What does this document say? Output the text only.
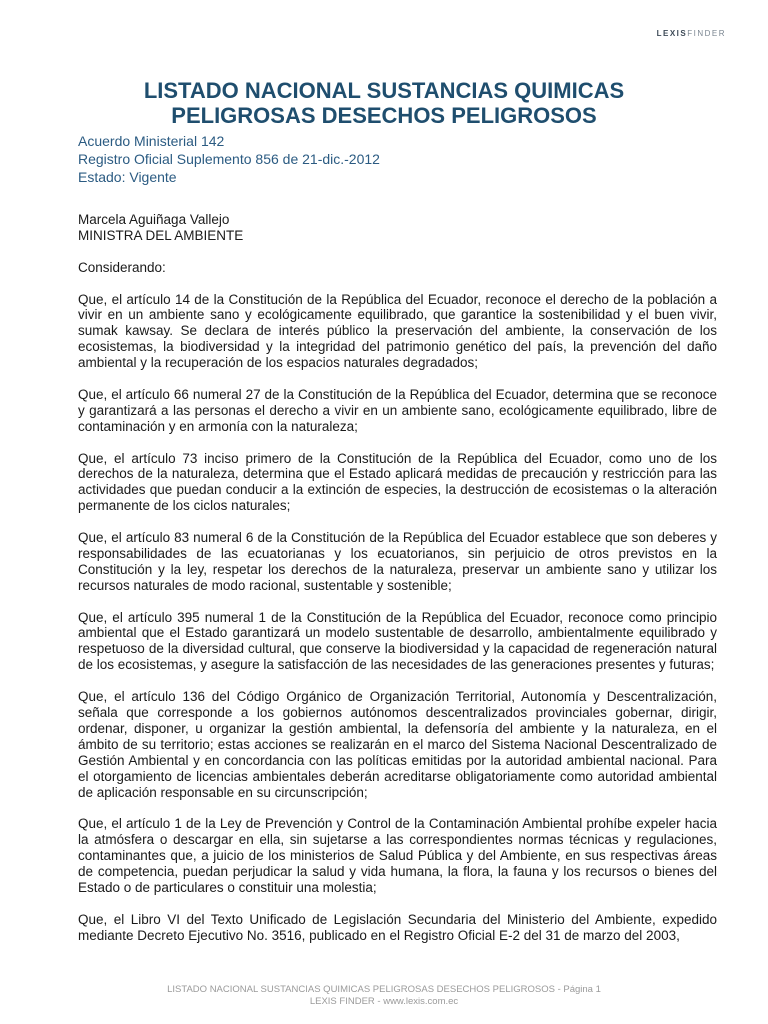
LEXISFINDER
LISTADO NACIONAL SUSTANCIAS QUIMICAS
PELIGROSAS DESECHOS PELIGROSOS
Acuerdo Ministerial 142
Registro Oficial Suplemento 856 de 21-dic.-2012
Estado: Vigente

Marcela Aguiñaga Vallejo
MINISTRA DEL AMBIENTE

Considerando:

Que, el artículo 14 de la Constitución de la República del Ecuador, reconoce el derecho de la población a vivir en un ambiente sano y ecológicamente equilibrado, que garantice la sostenibilidad y el buen vivir, sumak kawsay. Se declara de interés público la preservación del ambiente, la conservación de los ecosistemas, la biodiversidad y la integridad del patrimonio genético del país, la prevención del daño ambiental y la recuperación de los espacios naturales degradados;

Que, el artículo 66 numeral 27 de la Constitución de la República del Ecuador, determina que se reconoce y garantizará a las personas el derecho a vivir en un ambiente sano, ecológicamente equilibrado, libre de contaminación y en armonía con la naturaleza;

Que, el artículo 73 inciso primero de la Constitución de la República del Ecuador, como uno de los derechos de la naturaleza, determina que el Estado aplicará medidas de precaución y restricción para las actividades que puedan conducir a la extinción de especies, la destrucción de ecosistemas o la alteración permanente de los ciclos naturales;

Que, el artículo 83 numeral 6 de la Constitución de la República del Ecuador establece que son deberes y responsabilidades de las ecuatorianas y los ecuatorianos, sin perjuicio de otros previstos en la Constitución y la ley, respetar los derechos de la naturaleza, preservar un ambiente sano y utilizar los recursos naturales de modo racional, sustentable y sostenible;

Que, el artículo 395 numeral 1 de la Constitución de la República del Ecuador, reconoce como principio ambiental que el Estado garantizará un modelo sustentable de desarrollo, ambientalmente equilibrado y respetuoso de la diversidad cultural, que conserve la biodiversidad y la capacidad de regeneración natural de los ecosistemas, y asegure la satisfacción de las necesidades de las generaciones presentes y futuras;

Que, el artículo 136 del Código Orgánico de Organización Territorial, Autonomía y Descentralización, señala que corresponde a los gobiernos autónomos descentralizados provinciales gobernar, dirigir, ordenar, disponer, u organizar la gestión ambiental, la defensoría del ambiente y la naturaleza, en el ámbito de su territorio; estas acciones se realizarán en el marco del Sistema Nacional Descentralizado de Gestión Ambiental y en concordancia con las políticas emitidas por la autoridad ambiental nacional. Para el otorgamiento de licencias ambientales deberán acreditarse obligatoriamente como autoridad ambiental de aplicación responsable en su circunscripción;

Que, el artículo 1 de la Ley de Prevención y Control de la Contaminación Ambiental prohíbe expeler hacia la atmósfera o descargar en ella, sin sujetarse a las correspondientes normas técnicas y regulaciones, contaminantes que, a juicio de los ministerios de Salud Pública y del Ambiente, en sus respectivas áreas de competencia, puedan perjudicar la salud y vida humana, la flora, la fauna y los recursos o bienes del Estado o de particulares o constituir una molestia;

Que, el Libro VI del Texto Unificado de Legislación Secundaria del Ministerio del Ambiente, expedido mediante Decreto Ejecutivo No. 3516, publicado en el Registro Oficial E-2 del 31 de marzo del 2003,

LISTADO NACIONAL SUSTANCIAS QUIMICAS PELIGROSAS DESECHOS PELIGROSOS - Página 1
LEXIS FINDER - www.lexis.com.ec
